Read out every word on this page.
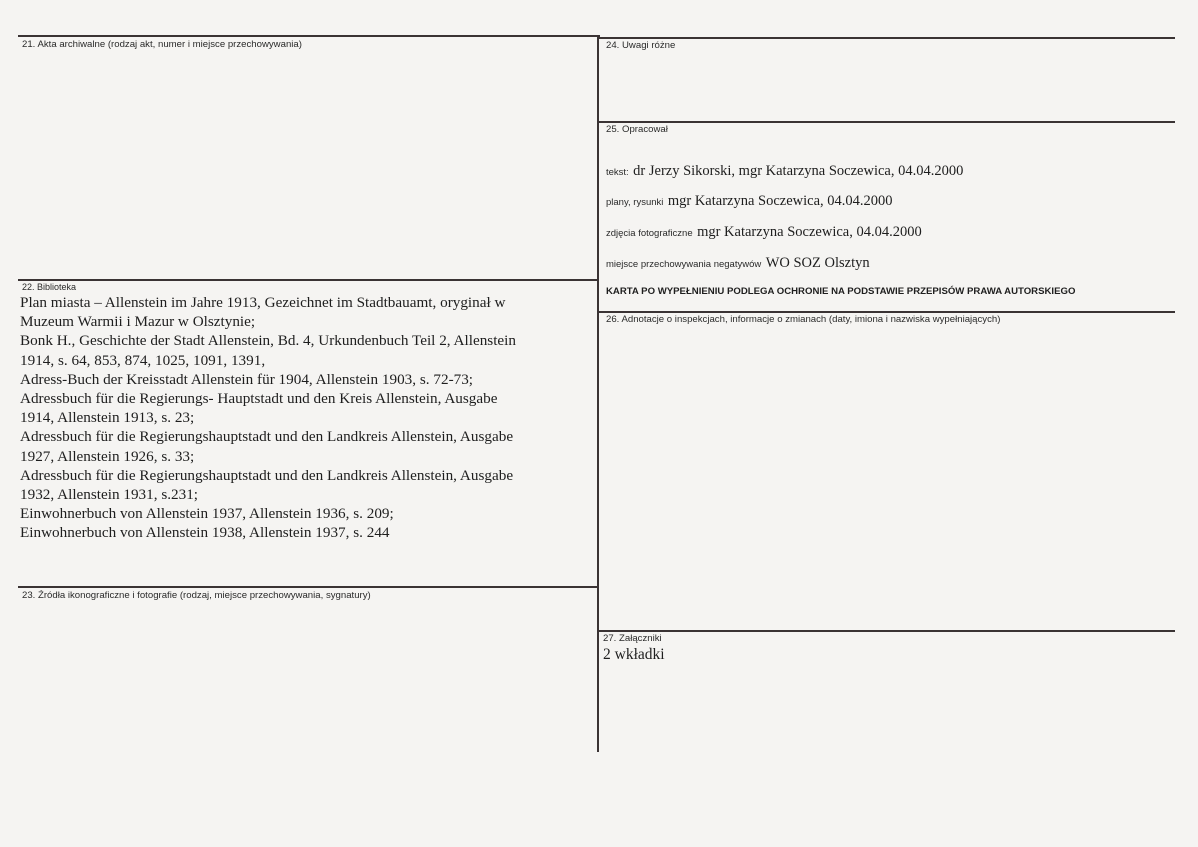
21. Akta archiwalne (rodzaj akt, numer i miejsce przechowywania)
22. Biblioteka
Plan miasta – Allenstein im Jahre 1913, Gezeichnet im Stadtbauamt, oryginał w
Muzeum Warmii i Mazur w Olsztynie;
Bonk H., Geschichte der Stadt Allenstein, Bd. 4, Urkundenbuch Teil 2, Allenstein
1914, s. 64, 853, 874, 1025, 1091, 1391,
Adress-Buch der Kreisstadt Allenstein für 1904, Allenstein 1903, s. 72-73;
Adressbuch für die Regierungs- Hauptstadt und den Kreis Allenstein, Ausgabe
1914, Allenstein 1913, s. 23;
Adressbuch für die Regierungshauptstadt und den Landkreis Allenstein, Ausgabe
1927, Allenstein 1926, s. 33;
Adressbuch für die Regierungshauptstadt und den Landkreis Allenstein, Ausgabe
1932, Allenstein 1931, s.231;
Einwohnerbuch von Allenstein 1937, Allenstein 1936, s. 209;
Einwohnerbuch von Allenstein 1938, Allenstein 1937, s. 244
23. Źródła ikonograficzne i fotografie (rodzaj, miejsce przechowywania, sygnatury)
24. Uwagi różne
25. Opracował
tekst: dr Jerzy Sikorski, mgr Katarzyna Soczewica, 04.04.2000
plany, rysunki mgr Katarzyna Soczewica, 04.04.2000
zdjęcia fotograficzne mgr Katarzyna Soczewica, 04.04.2000
miejsce przechowywania negatywów WO SOZ Olsztyn
KARTA PO WYPEŁNIENIU PODLEGA OCHRONIE NA PODSTAWIE PRZEPISÓW PRAWA AUTORSKIEGO
26. Adnotacje o inspekcjach, informacje o zmianach (daty, imiona i nazwiska wypełniających)
27. Załączniki
2 wkładki
